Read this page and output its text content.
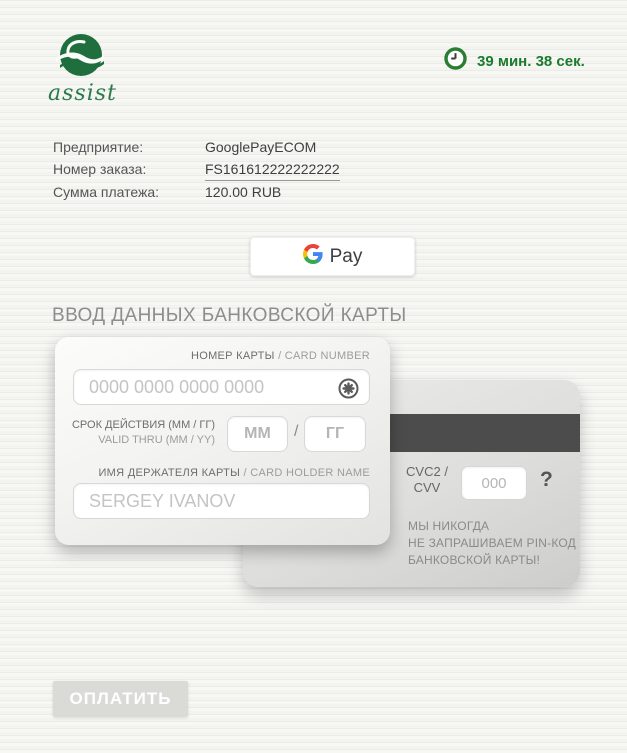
assist
39 мин. 38 сек.
Предприятие:	GooglePayECOM
Номер заказа:	FS161612222222222
Сумма платежа:	120.00 RUB
Pay
ВВОД ДАННЫХ БАНКОВСКОЙ КАРТЫ
CVC2 /
CVV
000	?
МЫ НИКОГДА
НЕ ЗАПРАШИВАЕМ PIN-КОД
БАНКОВСКОЙ КАРТЫ!
НОМЕР КАРТЫ / CARD NUMBER
0000 0000 0000 0000
СРОК ДЕЙСТВИЯ (ММ / ГГ)
VALID THRU (MM / YY)
ММ	/
ГГ
ИМЯ ДЕРЖАТЕЛЯ КАРТЫ / CARD HOLDER NAME
SERGEY IVANOV
ОПЛАТИТЬ
